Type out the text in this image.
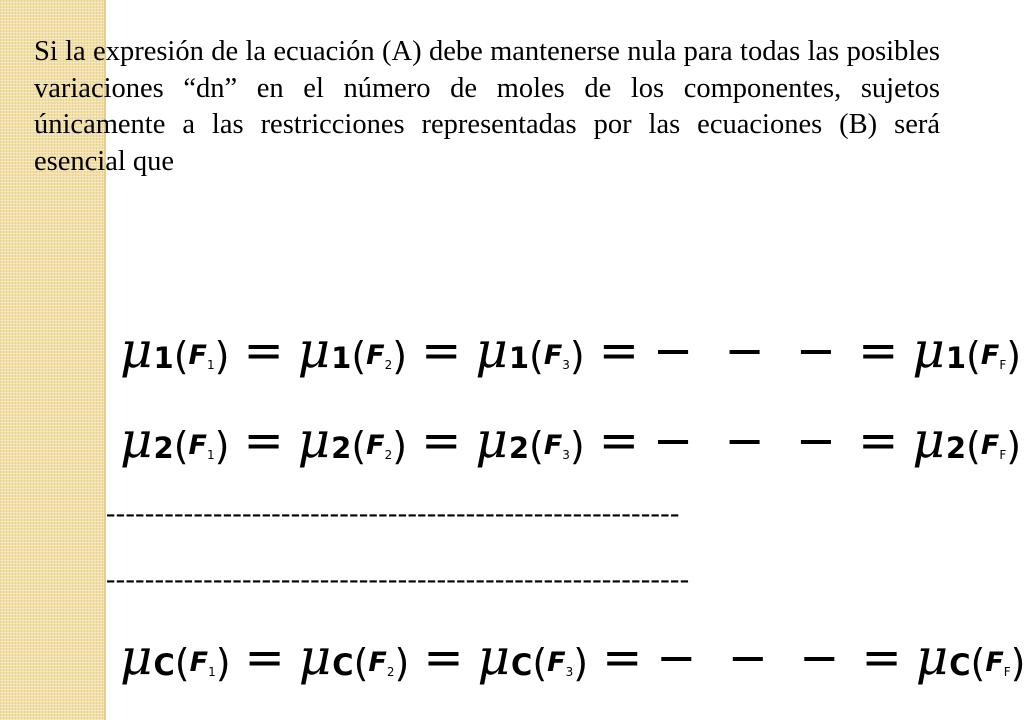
Si la expresión de la ecuación (A) debe mantenerse nula para todas las posibles variaciones “dn” en el número de moles de los componentes, sujetos únicamente a las restricciones representadas por las ecuaciones (B) será esencial que

μ 1 ( F1 ) = μ 1 ( F2 ) = μ 1 ( F3 ) = − − − = μ 1 ( FF )
μ 2 ( F1 ) = μ 2 ( F2 ) = μ 2 ( F3 ) = − − − = μ 2 ( FF )
-----------------------------------------------------------
------------------------------------------------------------
μ C ( F1 ) = μ C ( F2 ) = μ C ( F3 ) = − − − = μ C ( FF )
